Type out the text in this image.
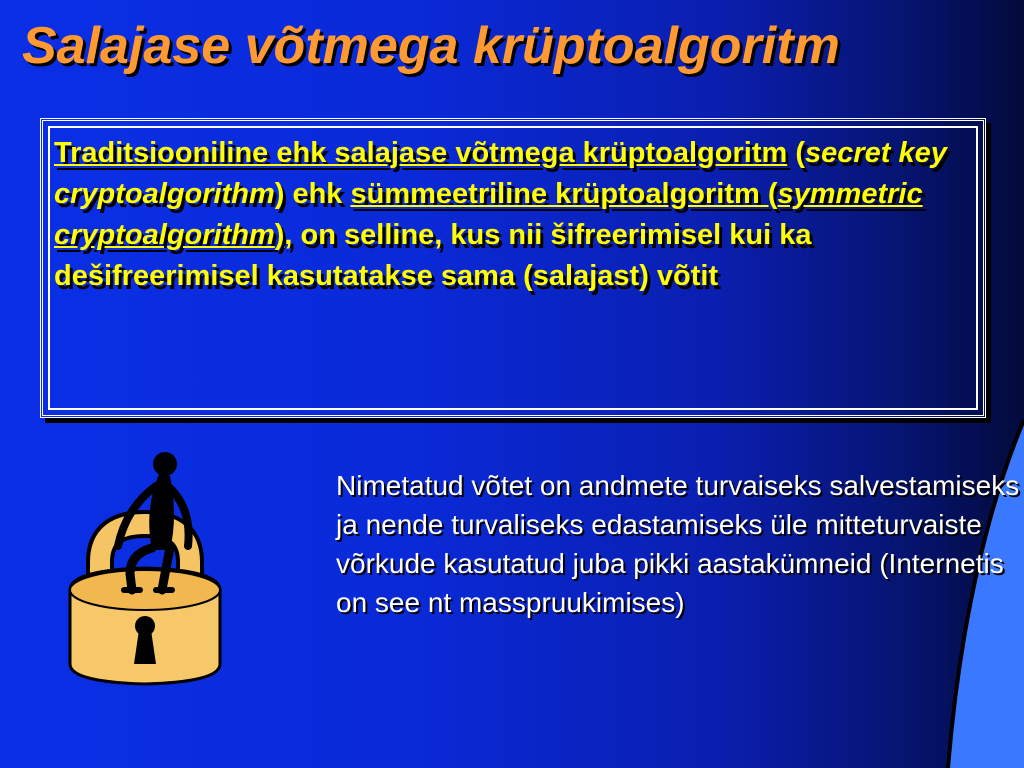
Salajase võtmega krüptoalgoritm
Traditsiooniline ehk salajase võtmega krüptoalgoritm (secret key cryptoalgorithm) ehk sümmeetriline krüptoalgoritm (symmetric cryptoalgorithm), on selline, kus nii šifreerimisel kui ka dešifreerimisel kasutatakse sama (salajast) võtit
Nimetatud võtet on andmete turvaiseks salvestamiseks ja nende turvaliseks edastamiseks üle mitteturvaiste võrkude kasutatud juba pikki aastakümneid (Internetis on see nt masspruukimises)
